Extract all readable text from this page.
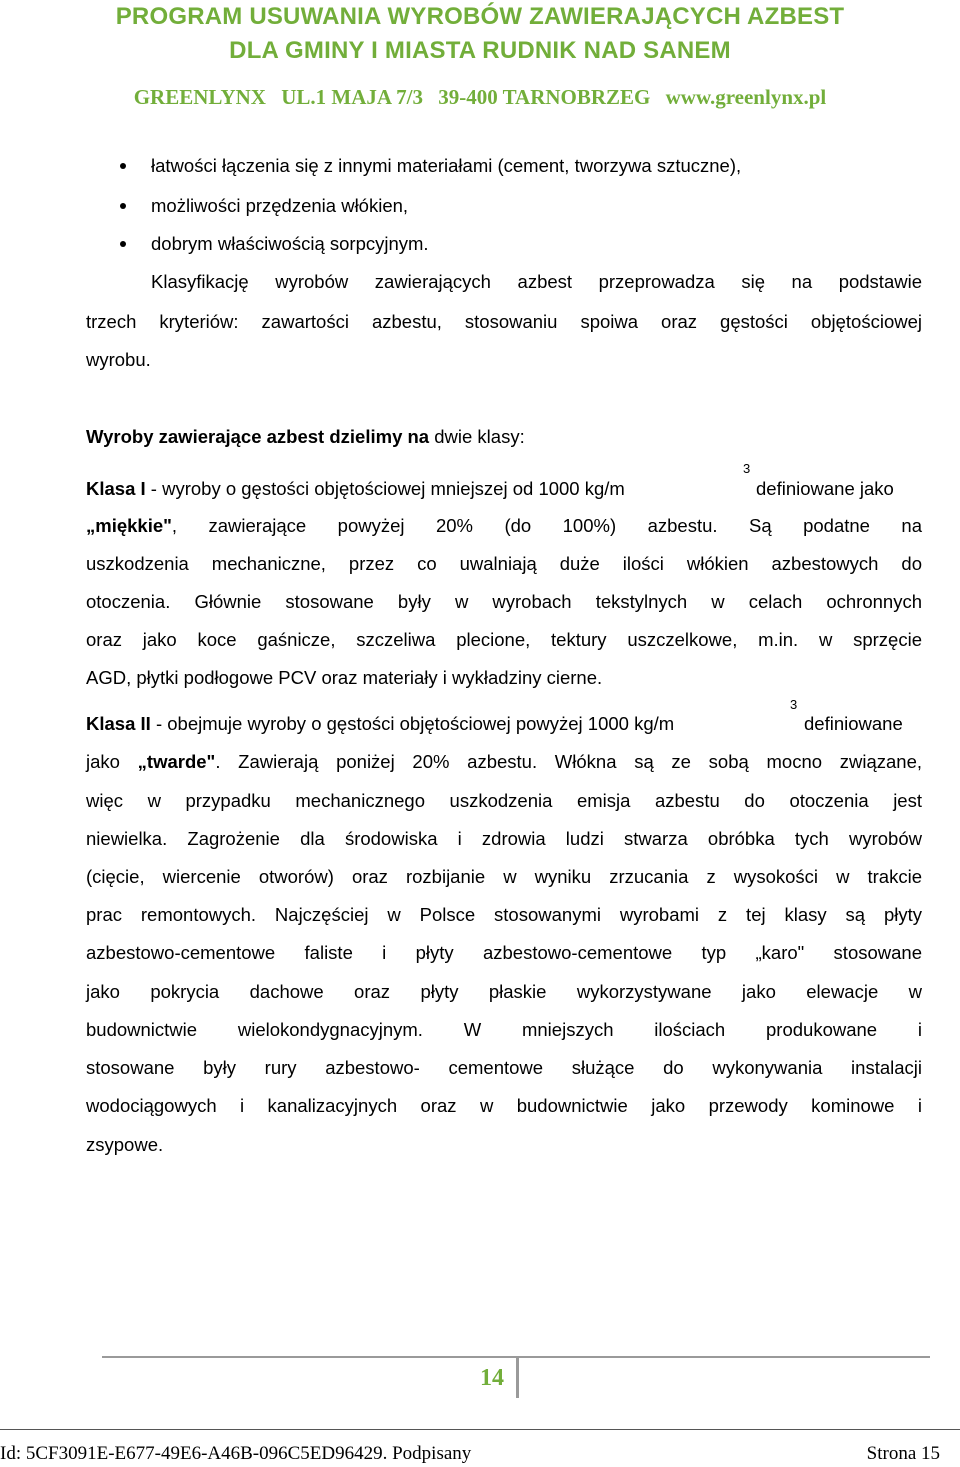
PROGRAM USUWANIA WYROBÓW ZAWIERAJĄCYCH AZBEST
DLA GMINY I MIASTA RUDNIK NAD SANEM
GREENLYNX UL.1 MAJA 7/3 39-400 TARNOBRZEG www.greenlynx.pl
łatwości łączenia się z innymi materiałami (cement, tworzywa sztuczne),
możliwości przędzenia włókien,
dobrym właściwością sorpcyjnym.
Klasyfikację wyrobów zawierających azbest przeprowadza się na podstawie
trzech kryteriów: zawartości azbestu, stosowaniu spoiwa oraz gęstości objętościowej
wyrobu.
Wyroby zawierające azbest dzielimy na dwie klasy:
Klasa I - wyroby o gęstości objętościowej mniejszej od 1000 kg/m
3
definiowane jako
„miękkie", zawierające powyżej 20% (do 100%) azbestu. Są podatne na
uszkodzenia mechaniczne, przez co uwalniają duże ilości włókien azbestowych do
otoczenia. Głównie stosowane były w wyrobach tekstylnych w celach ochronnych
oraz jako koce gaśnicze, szczeliwa plecione, tektury uszczelkowe, m.in. w sprzęcie
AGD, płytki podłogowe PCV oraz materiały i wykładziny cierne.
Klasa II - obejmuje wyroby o gęstości objętościowej powyżej 1000 kg/m
3
definiowane
jako „twarde". Zawierają poniżej 20% azbestu. Włókna są ze sobą mocno związane,
więc w przypadku mechanicznego uszkodzenia emisja azbestu do otoczenia jest
niewielka. Zagrożenie dla środowiska i zdrowia ludzi stwarza obróbka tych wyrobów
(cięcie, wiercenie otworów) oraz rozbijanie w wyniku zrzucania z wysokości w trakcie
prac remontowych. Najczęściej w Polsce stosowanymi wyrobami z tej klasy są płyty
azbestowo-cementowe faliste i płyty azbestowo-cementowe typ „karo" stosowane
jako pokrycia dachowe oraz płyty płaskie wykorzystywane jako elewacje w
budownictwie wielokondygnacyjnym. W mniejszych ilościach produkowane i
stosowane były rury azbestowo- cementowe służące do wykonywania instalacji
wodociągowych i kanalizacyjnych oraz w budownictwie jako przewody kominowe i
zsypowe.
14
Id: 5CF3091E-E677-49E6-A46B-096C5ED96429. Podpisany	Strona 15
